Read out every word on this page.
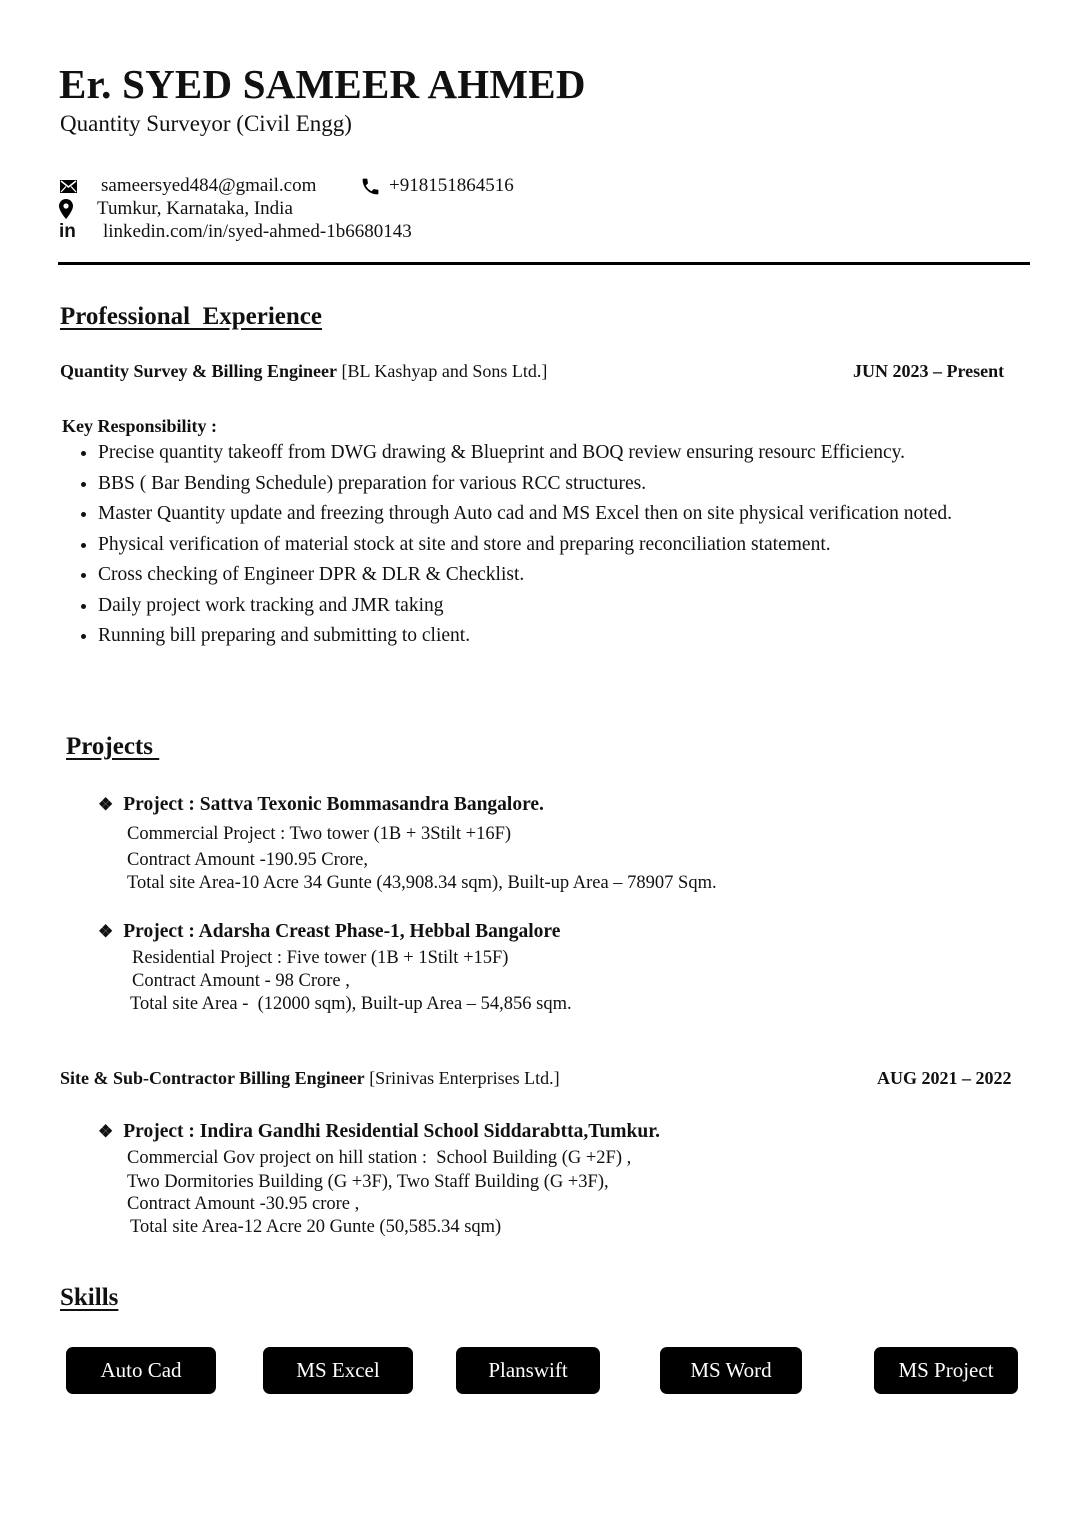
Er. SYED SAMEER AHMED
Quantity Surveyor (Civil Engg)
sameersyed484@gmail.com	+918151864516
Tumkur, Karnataka, India
in linkedin.com/in/syed-ahmed-1b6680143
Professional  Experience
Quantity Survey & Billing Engineer [BL Kashyap and Sons Ltd.]	JUN 2023 – Present
Key Responsibility :
• Precise quantity takeoff from DWG drawing & Blueprint and BOQ review ensuring resourc Efficiency.
• BBS ( Bar Bending Schedule) preparation for various RCC structures.
• Master Quantity update and freezing through Auto cad and MS Excel then on site physical verification noted.
• Physical verification of material stock at site and store and preparing reconciliation statement.
• Cross checking of Engineer DPR & DLR & Checklist.
• Daily project work tracking and JMR taking
• Running bill preparing and submitting to client.
Projects
❖ Project : Sattva Texonic Bommasandra Bangalore.
Commercial Project : Two tower (1B + 3Stilt +16F)
Contract Amount -190.95 Crore,
Total site Area-10 Acre 34 Gunte (43,908.34 sqm), Built-up Area – 78907 Sqm.
❖ Project : Adarsha Creast Phase-1, Hebbal Bangalore
Residential Project : Five tower (1B + 1Stilt +15F)
Contract Amount - 98 Crore ,
Total site Area -  (12000 sqm), Built-up Area – 54,856 sqm.
Site & Sub-Contractor Billing Engineer [Srinivas Enterprises Ltd.]	AUG 2021 – 2022
❖ Project : Indira Gandhi Residential School Siddarabtta,Tumkur.
Commercial Gov project on hill station :  School Building (G +2F) ,
Two Dormitories Building (G +3F), Two Staff Building (G +3F),
Contract Amount -30.95 crore ,
Total site Area-12 Acre 20 Gunte (50,585.34 sqm)
Skills
Auto Cad	MS Excel	Planswift	MS Word	MS Project
